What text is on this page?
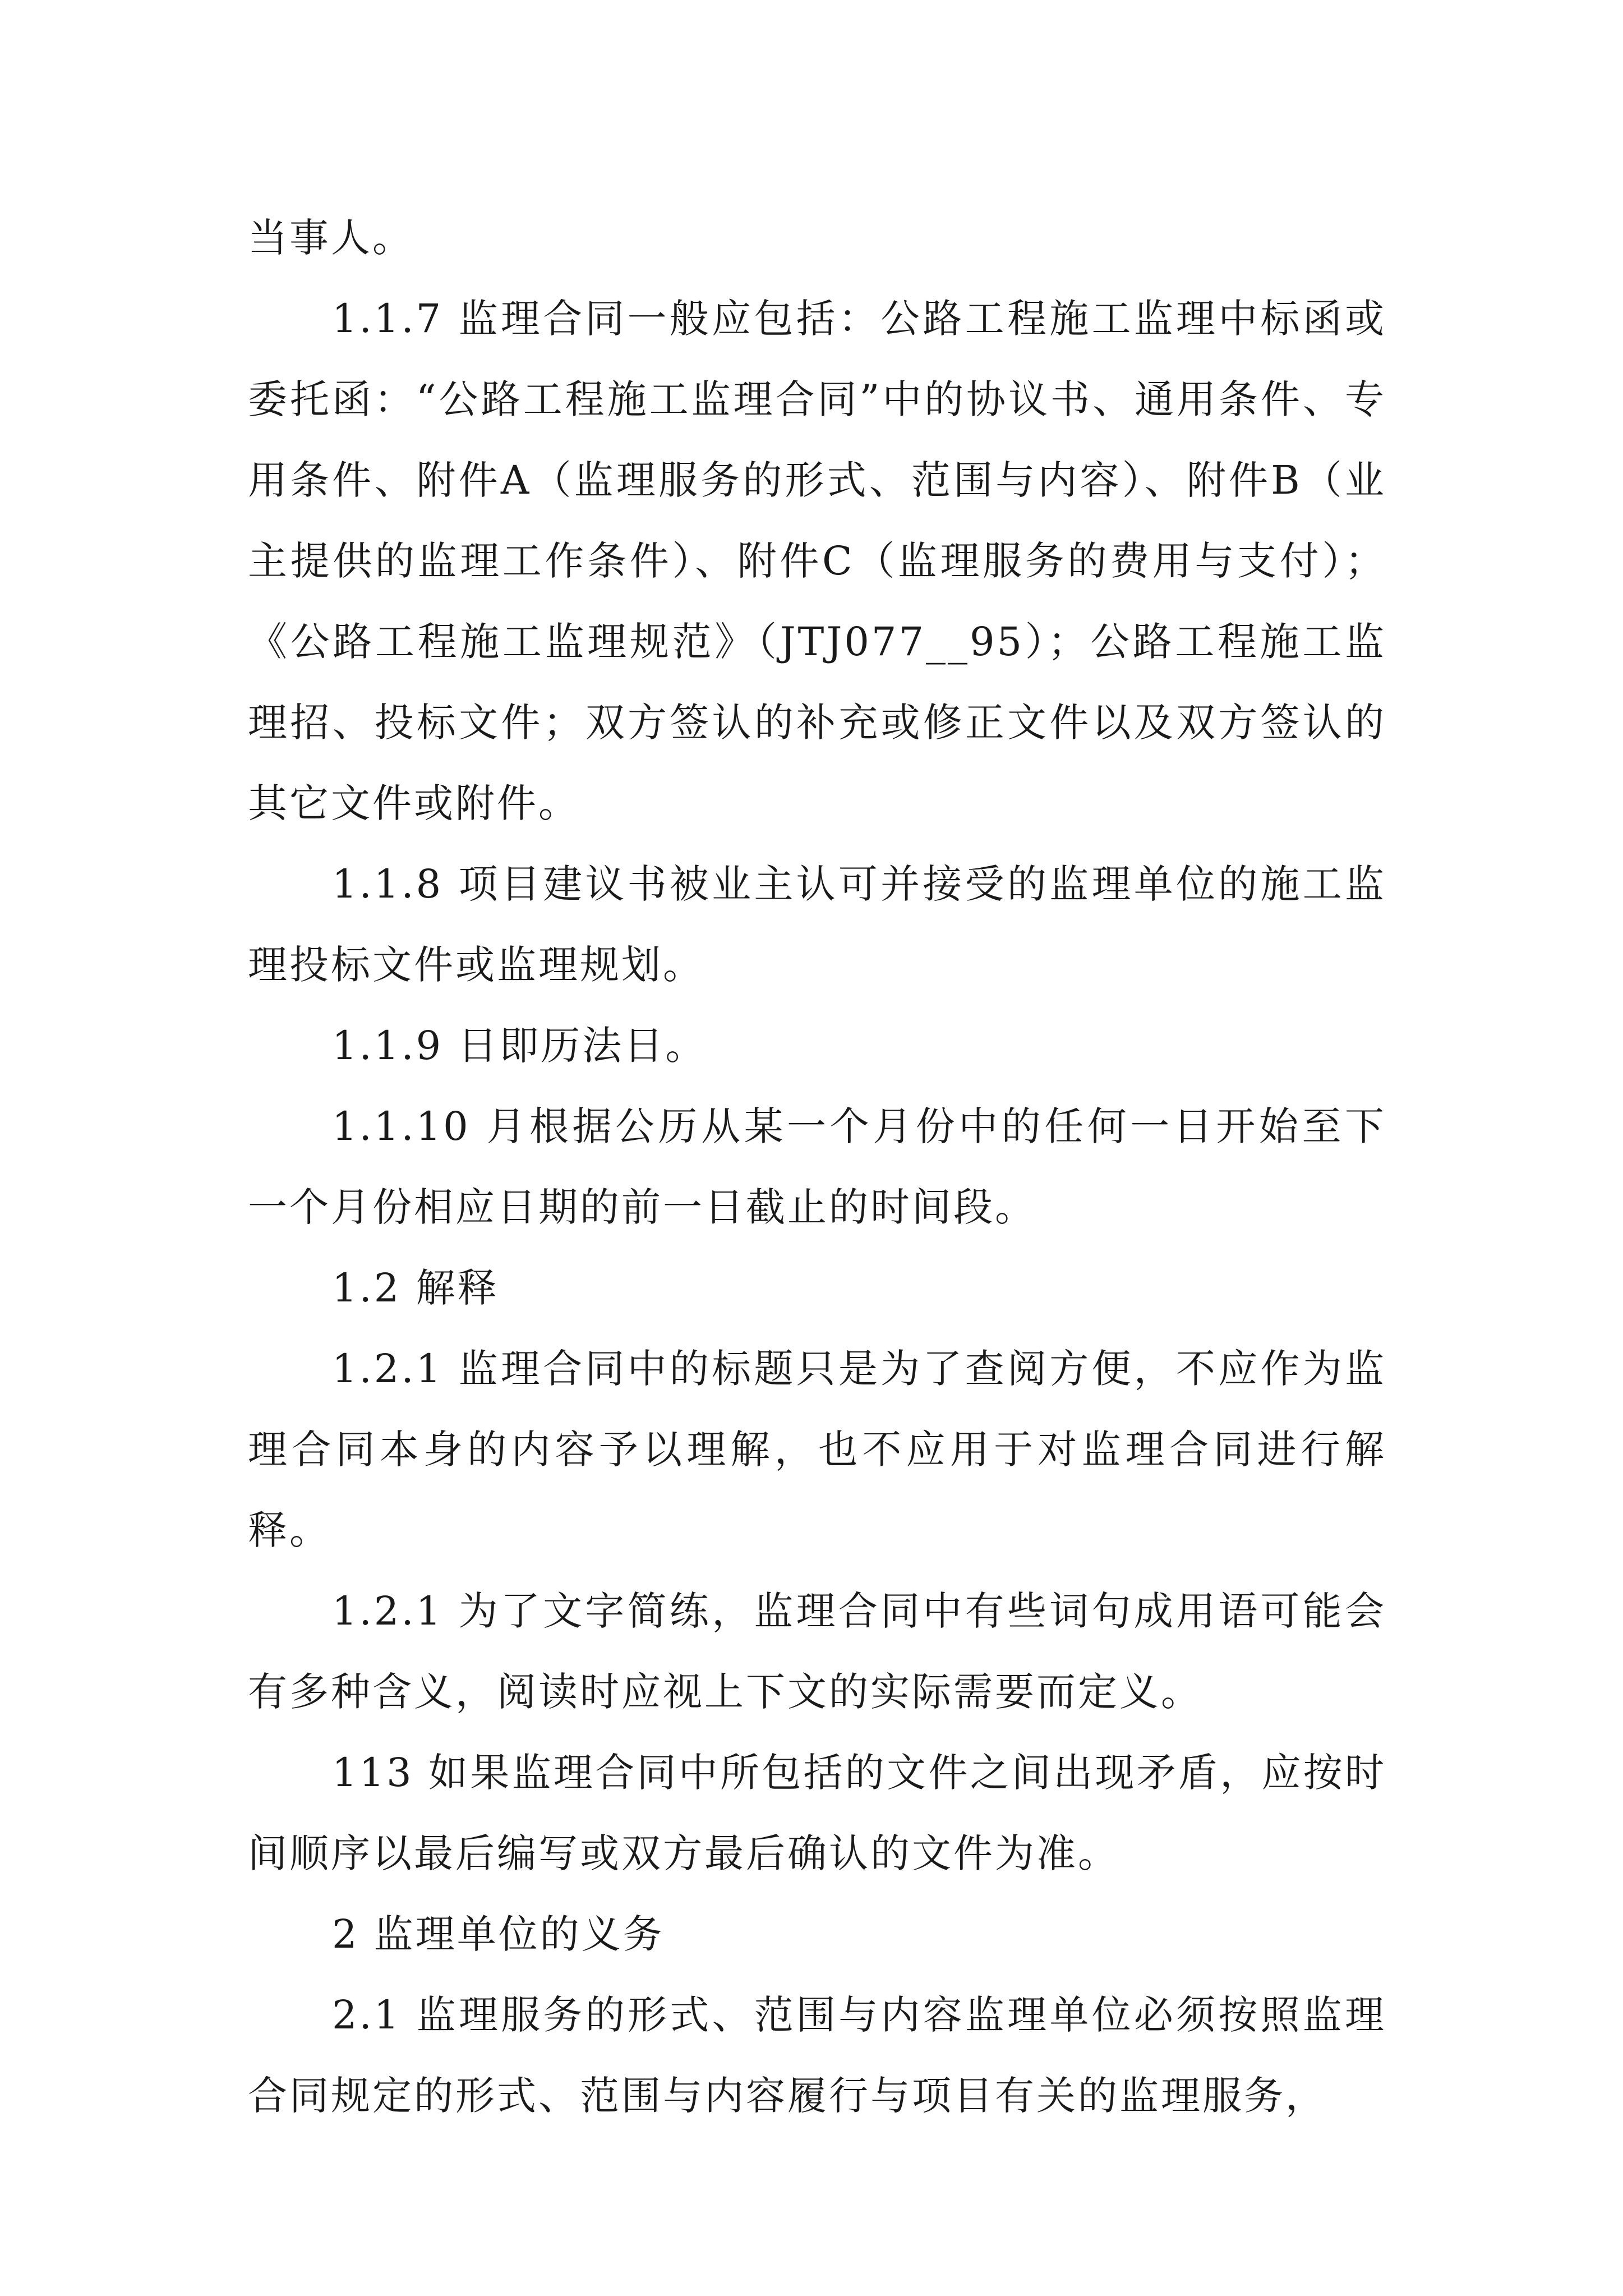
当事人。

1.1.7 监理合同一般应包括：公路工程施工监理中标函或委托函：“公路工程施工监理合同”中的协议书、通用条件、专用条件、附件A（监理服务的形式、范围与内容）、附件B（业主提供的监理工作条件）、附件C（监理服务的费用与支付）；《公路工程施工监理规范》（JTJ077__95）；公路工程施工监理招、投标文件；双方签认的补充或修正文件以及双方签认的其它文件或附件。

1.1.8 项目建议书被业主认可并接受的监理单位的施工监理投标文件或监理规划。

1.1.9 日即历法日。

1.1.10 月根据公历从某一个月份中的任何一日开始至下一个月份相应日期的前一日截止的时间段。

1.2 解释

1.2.1 监理合同中的标题只是为了查阅方便，不应作为监理合同本身的内容予以理解，也不应用于对监理合同进行解释。

1.2.1 为了文字简练，监理合同中有些词句成用语可能会有多种含义，阅读时应视上下文的实际需要而定义。

113 如果监理合同中所包括的文件之间出现矛盾，应按时间顺序以最后编写或双方最后确认的文件为准。

2 监理单位的义务

2.1 监理服务的形式、范围与内容监理单位必须按照监理合同规定的形式、范围与内容履行与项目有关的监理服务，
